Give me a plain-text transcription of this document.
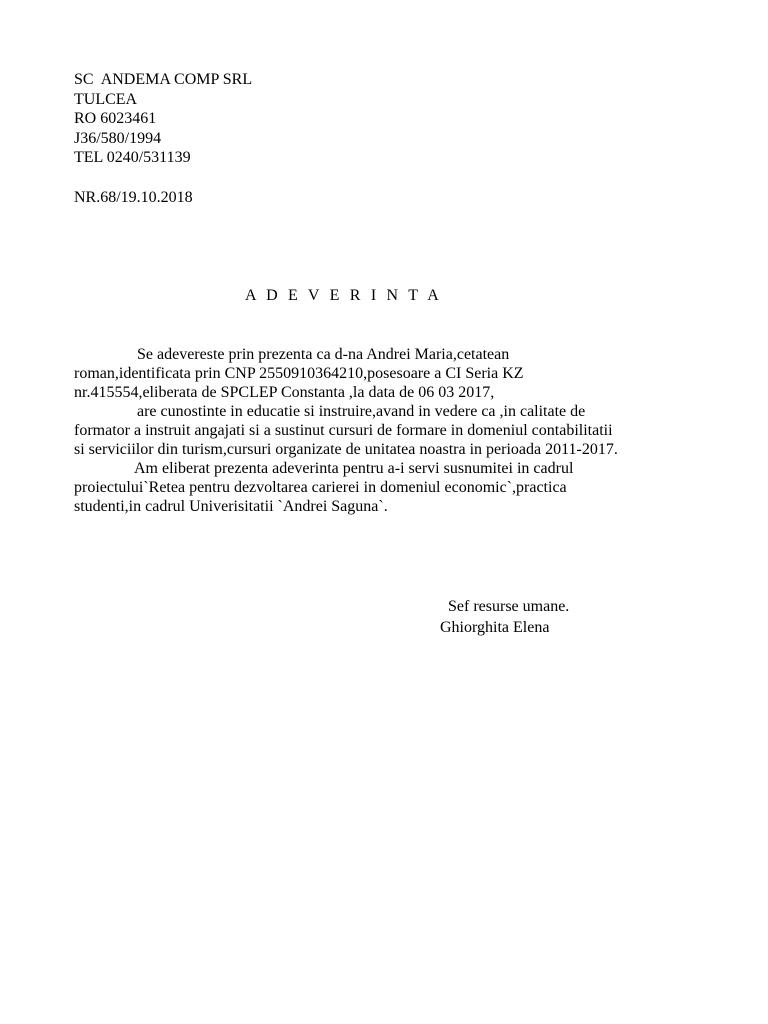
SC  ANDEMA COMP SRL
TULCEA
RO 6023461
J36/580/1994
TEL 0240/531139
NR.68/19.10.2018
A D E V E R I N T A
Se adevereste prin prezenta ca d-na Andrei Maria,cetatean
roman,identificata prin CNP 2550910364210,posesoare a CI Seria KZ
nr.415554,eliberata de SPCLEP Constanta ,la data de 06 03 2017,
are cunostinte in educatie si instruire,avand in vedere ca ,in calitate de
formator a instruit angajati si a sustinut cursuri de formare in domeniul contabilitatii
si serviciilor din turism,cursuri organizate de unitatea noastra in perioada 2011-2017.
Am eliberat prezenta adeverinta pentru a-i servi susnumitei in cadrul
proiectului`Retea pentru dezvoltarea carierei in domeniul economic`,practica
studenti,in cadrul Univerisitatii `Andrei Saguna`.
Sef resurse umane.
Ghiorghita Elena
